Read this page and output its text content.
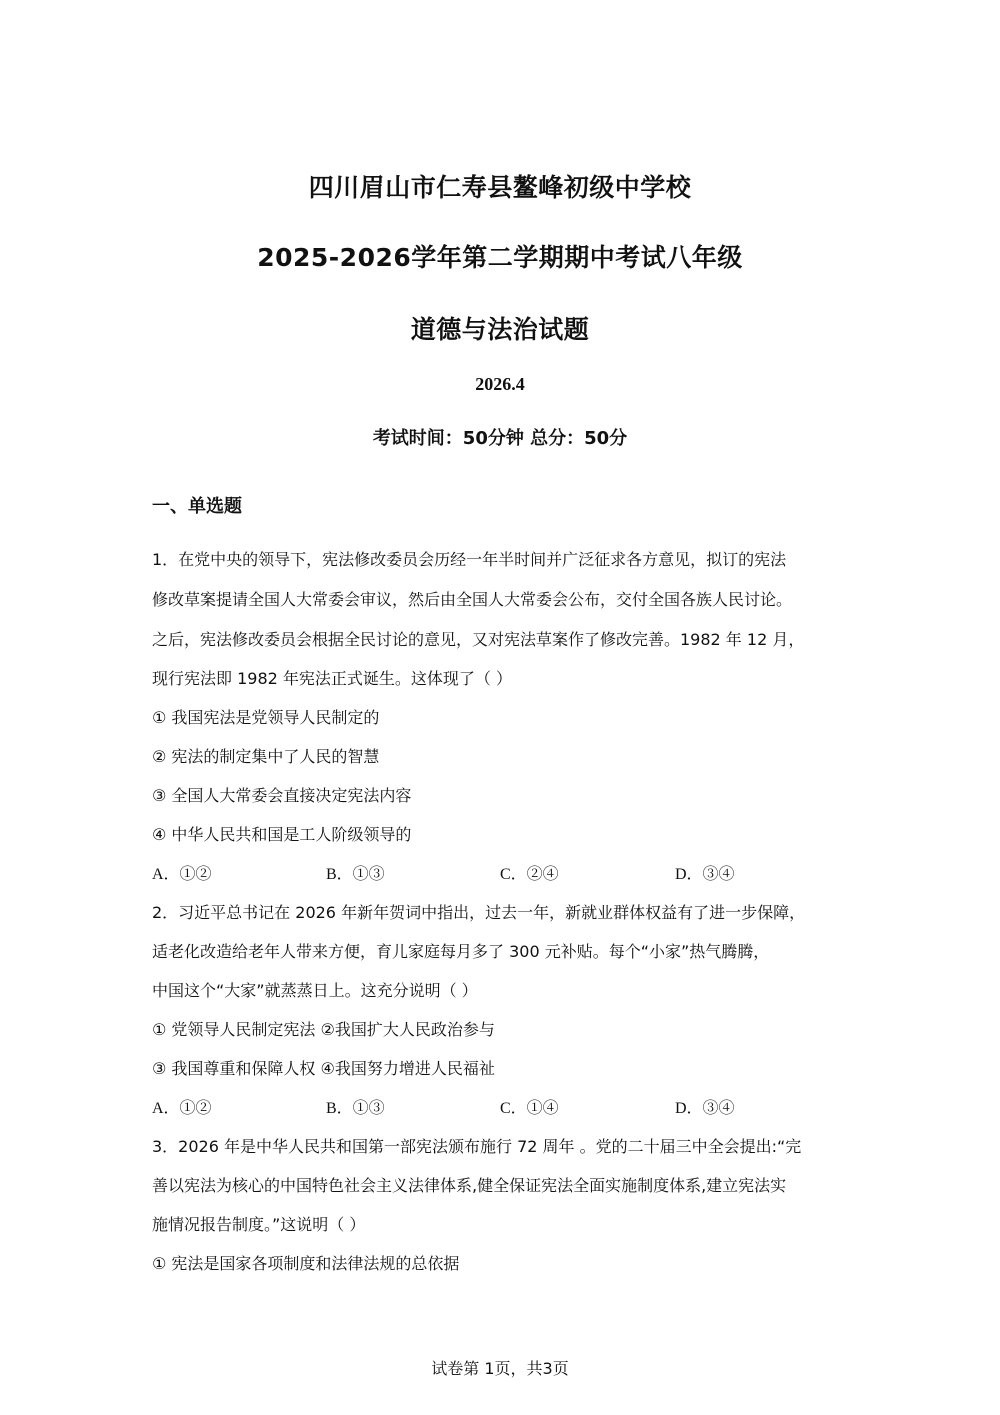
四川眉山市仁寿县鳌峰初级中学校
2025-2026学年第二学期期中考试八年级
道德与法治试题
2026.4
考试时间：50分钟 总分：50分
一、单选题
1．在党中央的领导下，宪法修改委员会历经一年半时间并广泛征求各方意见，拟订的宪法
修改草案提请全国人大常委会审议，然后由全国人大常委会公布，交付全国各族人民讨论。
之后，宪法修改委员会根据全民讨论的意见，又对宪法草案作了修改完善。1982 年 12 月，
现行宪法即 1982 年宪法正式诞生。这体现了（ ）
① 我国宪法是党领导人民制定的
② 宪法的制定集中了人民的智慧
③ 全国人大常委会直接决定宪法内容
④ 中华人民共和国是工人阶级领导的
A．①②	B．①③	C．②④	D．③④
2．习近平总书记在 2026 年新年贺词中指出，过去一年，新就业群体权益有了进一步保障，
适老化改造给老年人带来方便，育儿家庭每月多了 300 元补贴。每个“小家”热气腾腾，
中国这个“大家”就蒸蒸日上。这充分说明（ ）
① 党领导人民制定宪法 ②我国扩大人民政治参与
③ 我国尊重和保障人权 ④我国努力增进人民福祉
A．①②	B．①③	C．①④	D．③④
3．2026 年是中华人民共和国第一部宪法颁布施行 72 周年 。党的二十届三中全会提出:“完
善以宪法为核心的中国特色社会主义法律体系,健全保证宪法全面实施制度体系,建立宪法实
施情况报告制度。”这说明（ ）
① 宪法是国家各项制度和法律法规的总依据
试卷第 1页，共3页
